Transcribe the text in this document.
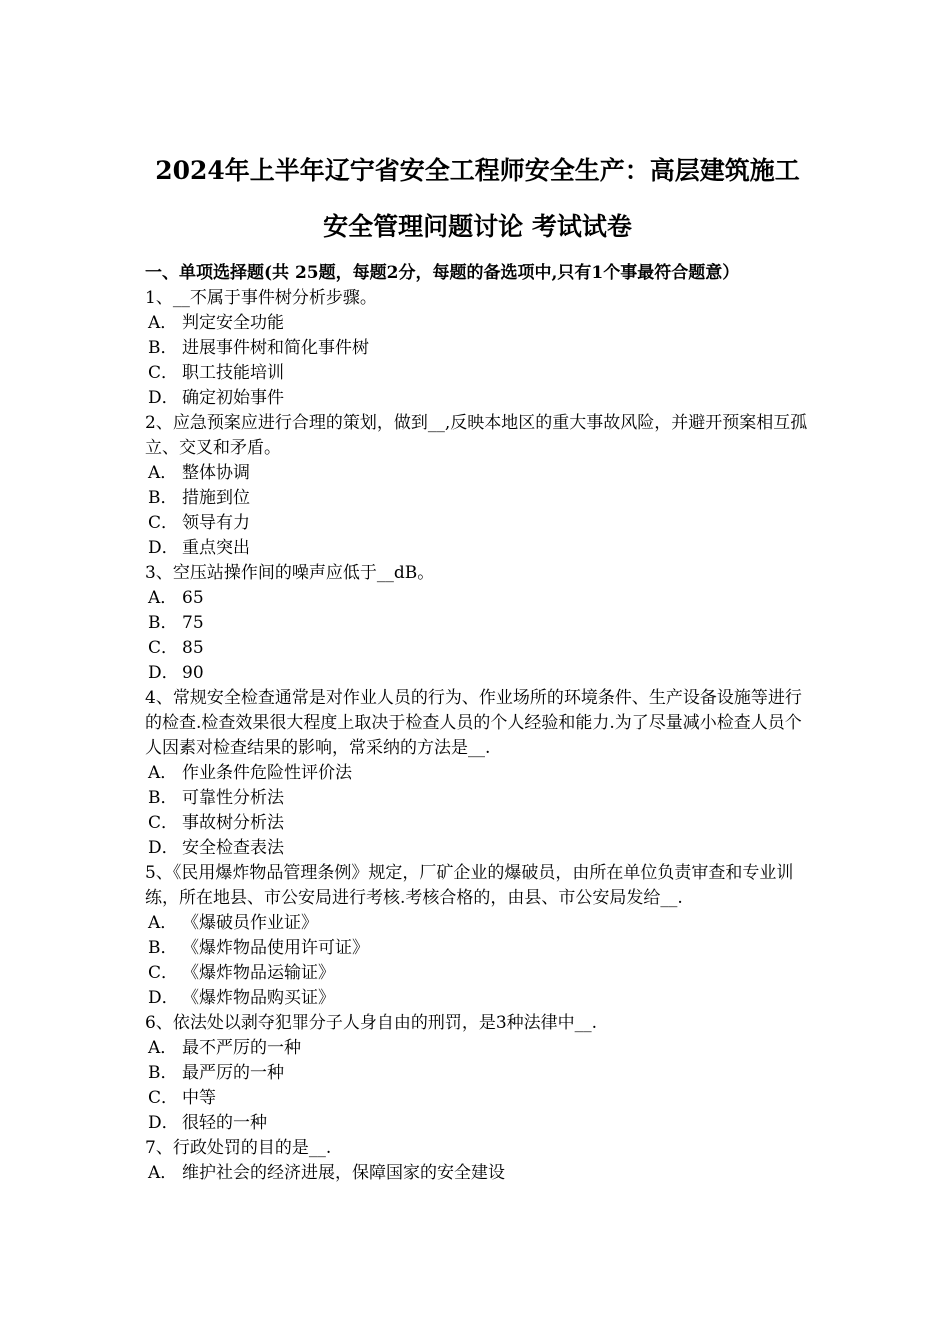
2024年上半年辽宁省安全工程师安全生产：高层建筑施工
安全管理问题讨论 考试试卷
一、单项选择题(共 25题，每题2分，每题的备选项中,只有1个事最符合题意）
1、__不属于事件树分析步骤。
A． 判定安全功能
B． 进展事件树和简化事件树
C． 职工技能培训
D． 确定初始事件
2、应急预案应进行合理的策划，做到__,反映本地区的重大事故风险，并避开预案相互孤立、交叉和矛盾。
A． 整体协调
B． 措施到位
C． 领导有力
D． 重点突出
3、空压站操作间的噪声应低于__dB。
A． 65
B． 75
C． 85
D． 90
4、常规安全检查通常是对作业人员的行为、作业场所的环境条件、生产设备设施等进行的检查.检查效果很大程度上取决于检查人员的个人经验和能力.为了尽量减小检查人员个人因素对检查结果的影响，常采纳的方法是__.
A． 作业条件危险性评价法
B． 可靠性分析法
C． 事故树分析法
D． 安全检查表法
5、《民用爆炸物品管理条例》规定，厂矿企业的爆破员，由所在单位负责审查和专业训练，所在地县、市公安局进行考核.考核合格的，由县、市公安局发给__.
A． 《爆破员作业证》
B． 《爆炸物品使用许可证》
C． 《爆炸物品运输证》
D． 《爆炸物品购买证》
6、依法处以剥夺犯罪分子人身自由的刑罚，是3种法律中__.
A． 最不严厉的一种
B． 最严厉的一种
C． 中等
D． 很轻的一种
7、行政处罚的目的是__.
A． 维护社会的经济进展，保障国家的安全建设
